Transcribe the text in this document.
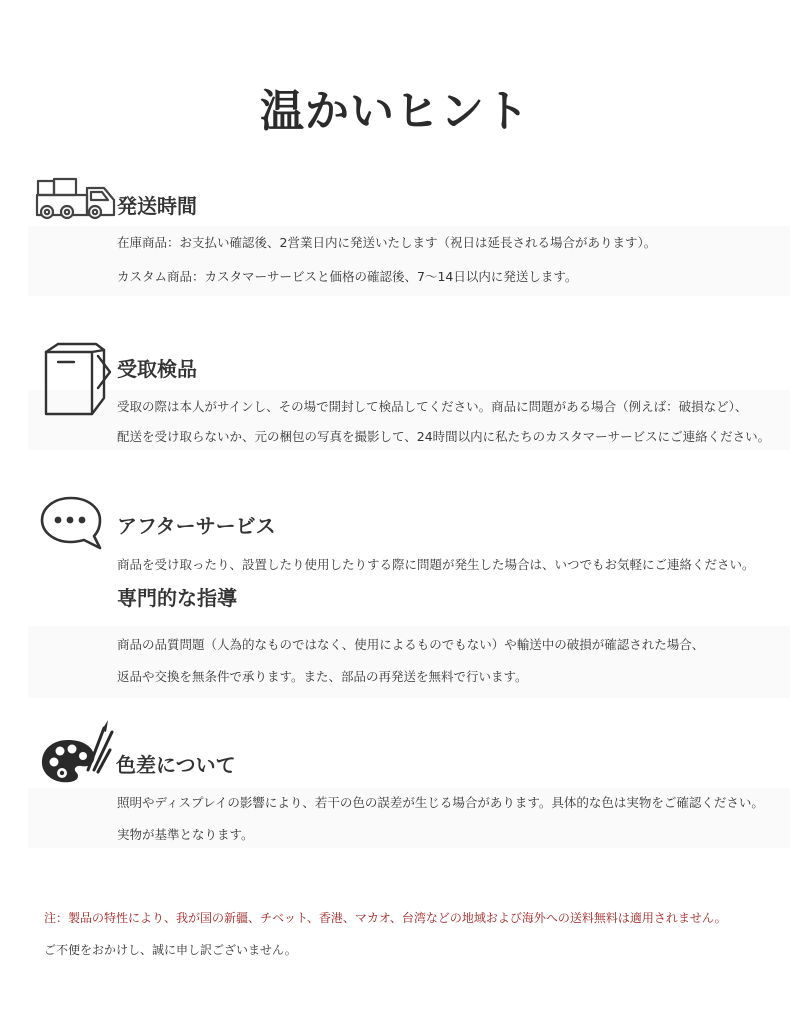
温かいヒント
発送時間

在庫商品：お支払い確認後、2営業日内に発送いたします（祝日は延長される場合があります）。

カスタム商品：カスタマーサービスと価格の確認後、7〜14日以内に発送します。

受取検品

受取の際は本人がサインし、その場で開封して検品してください。商品に問題がある場合（例えば：破損など）、

配送を受け取らないか、元の梱包の写真を撮影して、24時間以内に私たちのカスタマーサービスにご連絡ください。

アフターサービス

商品を受け取ったり、設置したり使用したりする際に問題が発生した場合は、いつでもお気軽にご連絡ください。

専門的な指導

商品の品質問題（人為的なものではなく、使用によるものでもない）や輸送中の破損が確認された場合、

返品や交換を無条件で承ります。また、部品の再発送を無料で行います。

色差について

照明やディスプレイの影響により、若干の色の誤差が生じる場合があります。具体的な色は実物をご確認ください。

実物が基準となります。

注：製品の特性により、我が国の新疆、チベット、香港、マカオ、台湾などの地域および海外への送料無料は適用されません。

ご不便をおかけし、誠に申し訳ございません。
